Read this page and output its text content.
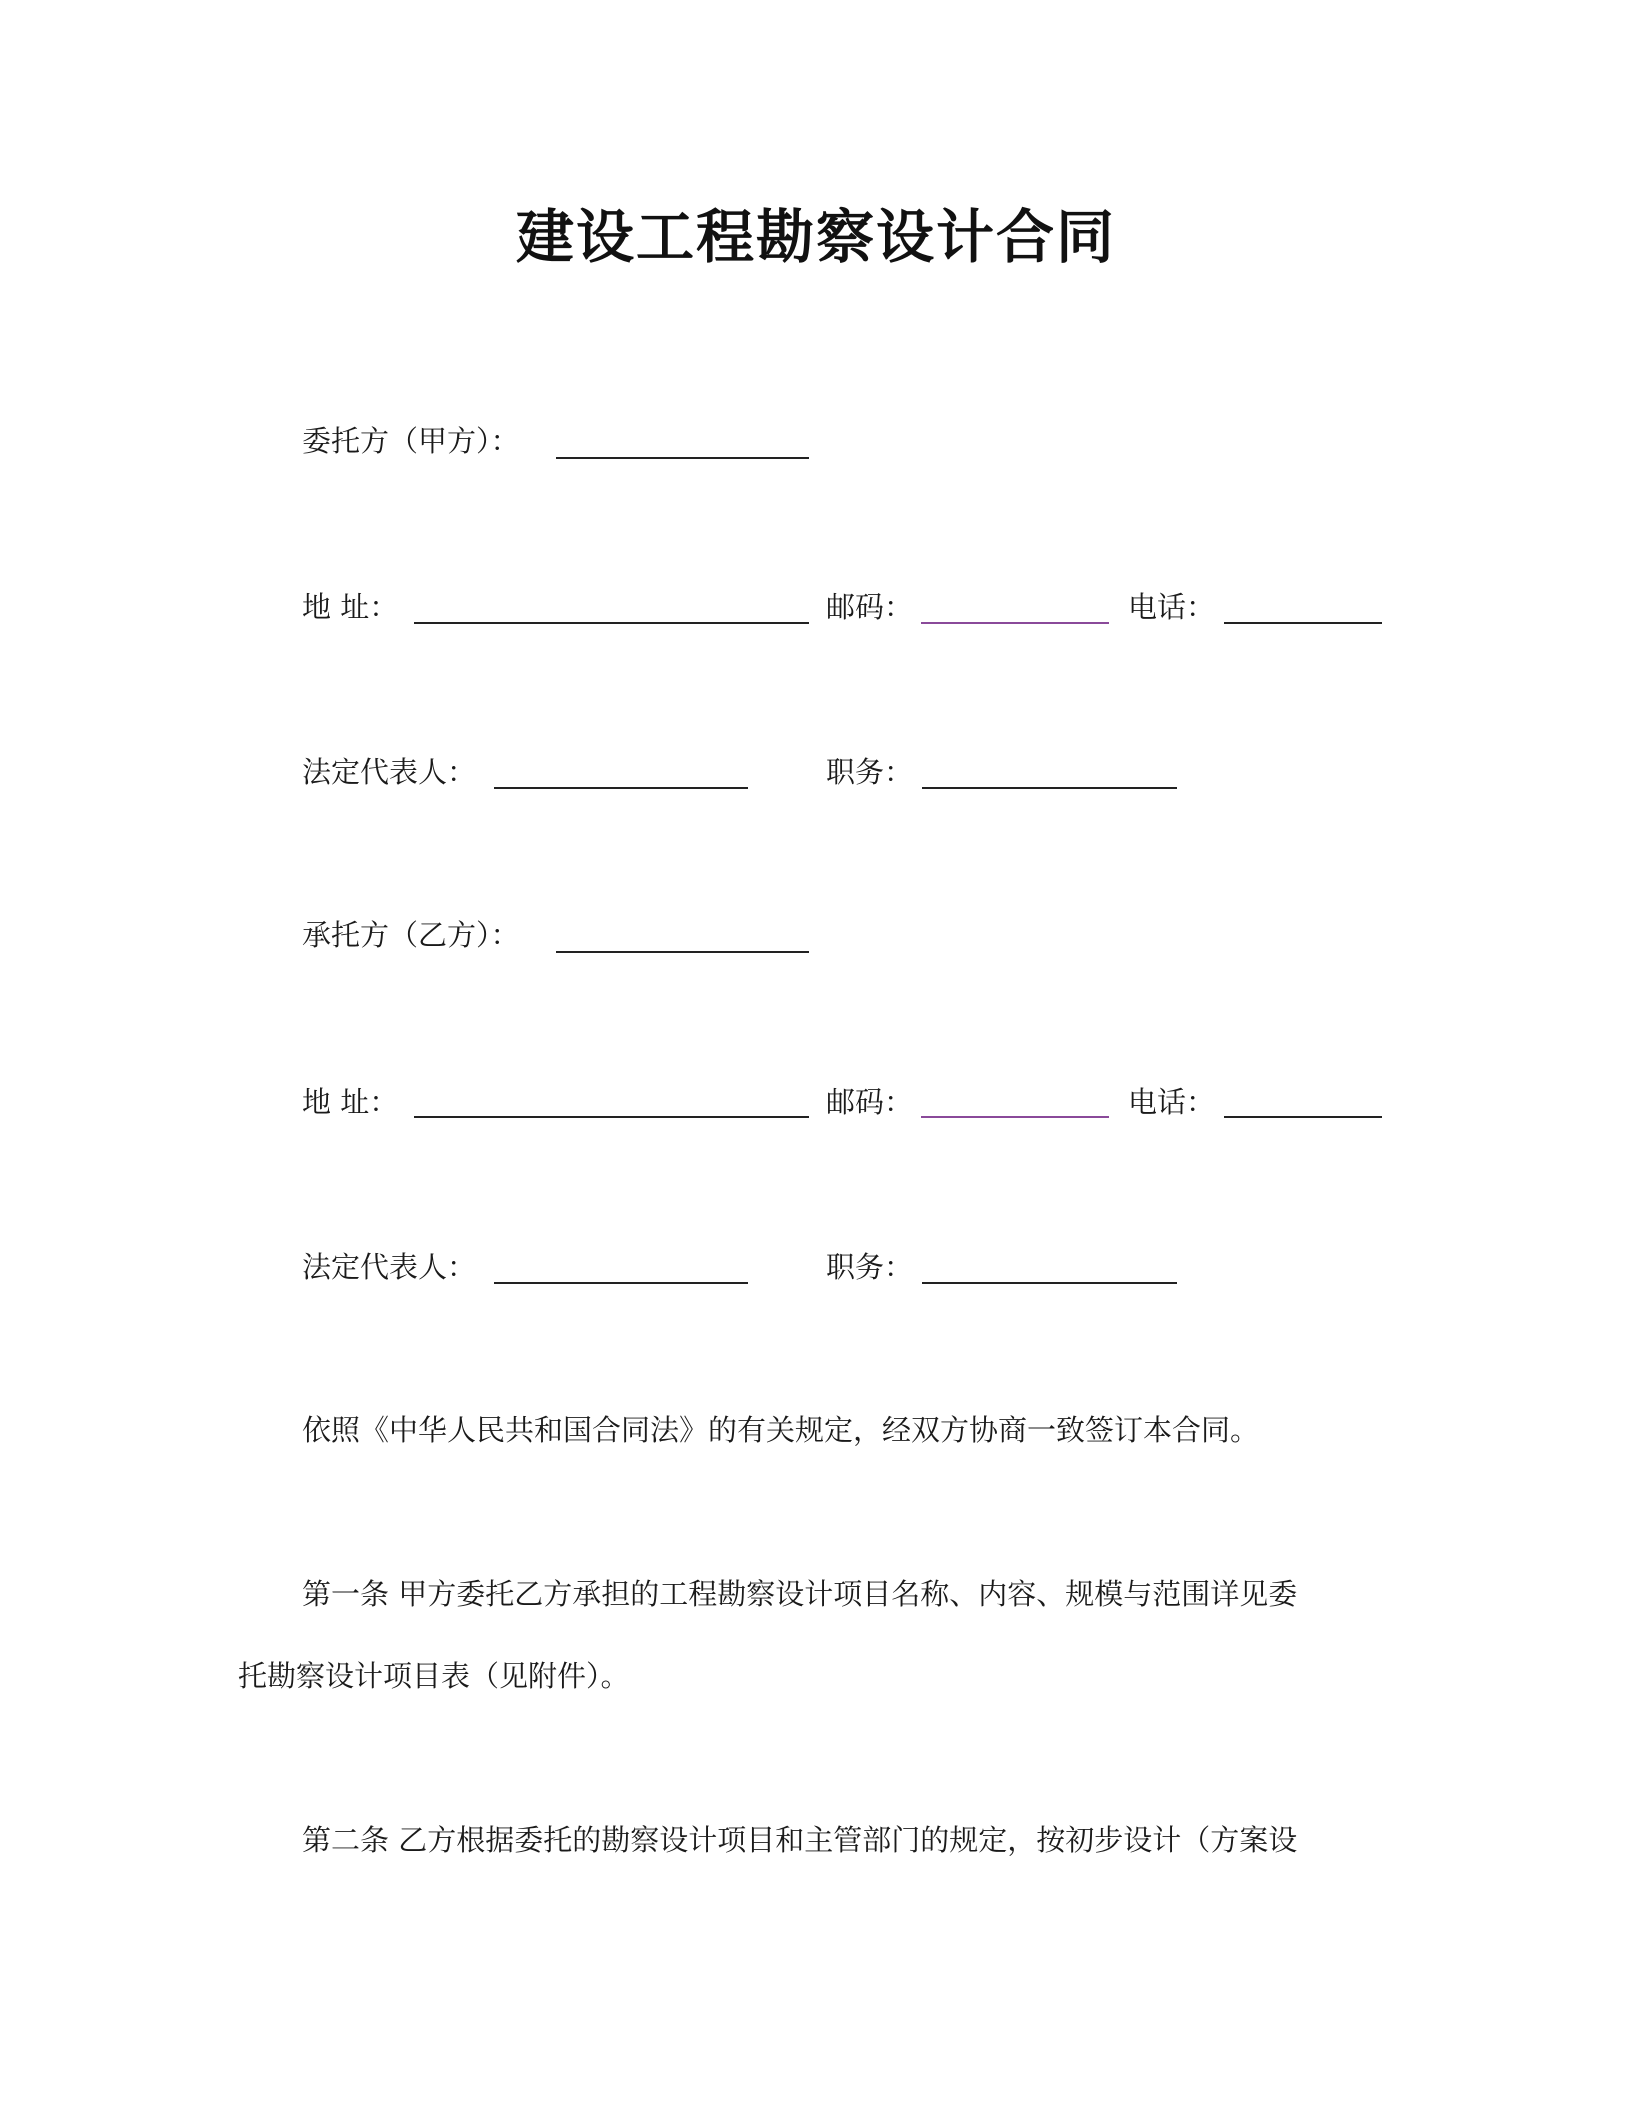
建设工程勘察设计合同
委托方（甲方）：
地 址：	邮码：	电话：
法定代表人：	职务：
承托方（乙方）：
地 址：	邮码：	电话：
法定代表人：	职务：
依照《中华人民共和国合同法》的有关规定，经双方协商一致签订本合同。
第一条 甲方委托乙方承担的工程勘察设计项目名称、内容、规模与范围详见委
托勘察设计项目表（见附件）。
第二条 乙方根据委托的勘察设计项目和主管部门的规定，按初步设计（方案设
